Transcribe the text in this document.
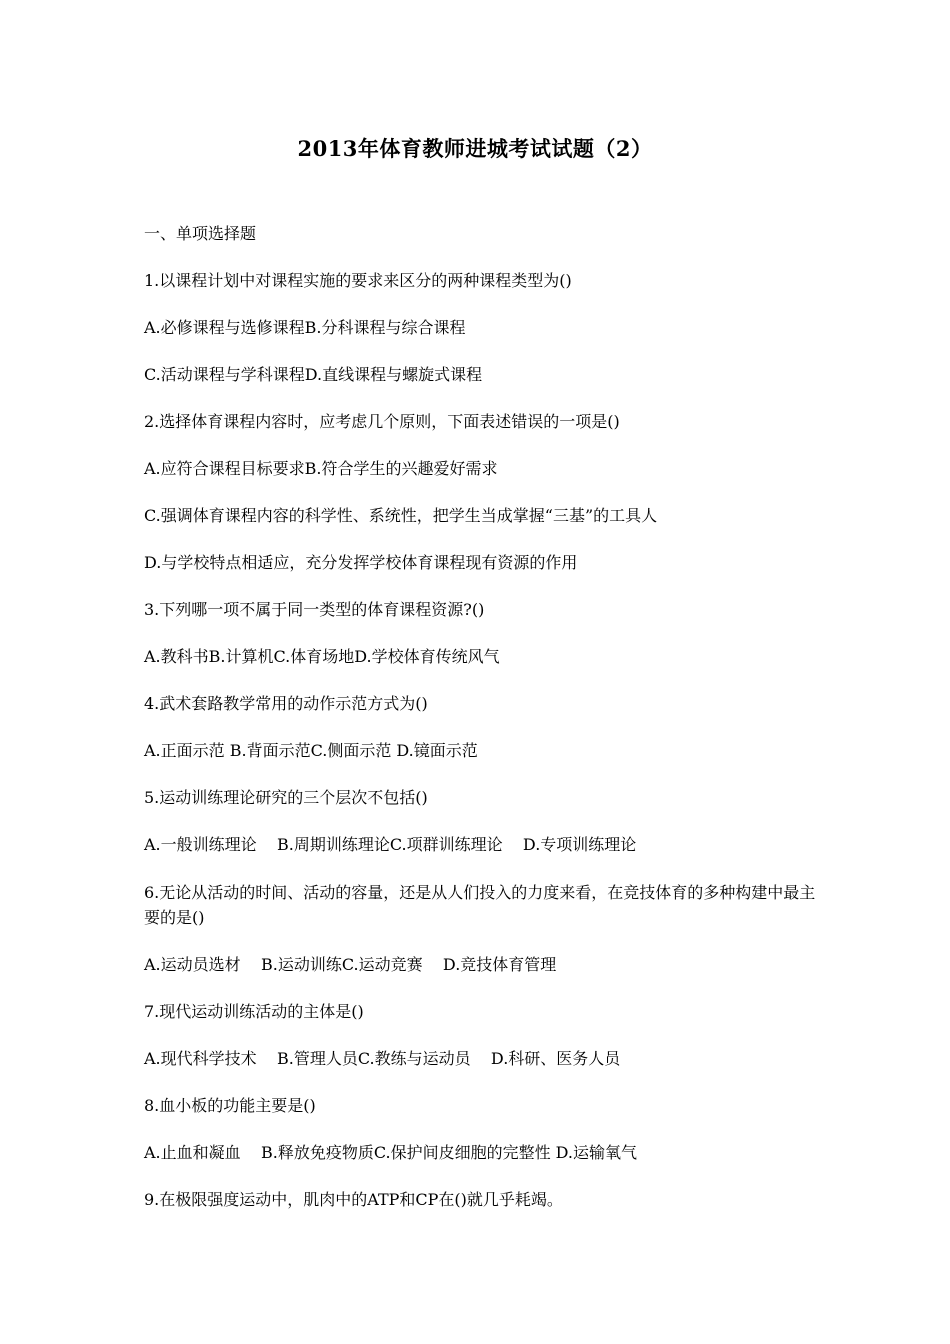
2013年体育教师进城考试试题（2）
一、单项选择题
1.以课程计划中对课程实施的要求来区分的两种课程类型为()
A.必修课程与选修课程B.分科课程与综合课程
C.活动课程与学科课程D.直线课程与螺旋式课程
2.选择体育课程内容时，应考虑几个原则，下面表述错误的一项是()
A.应符合课程目标要求B.符合学生的兴趣爱好需求
C.强调体育课程内容的科学性、系统性，把学生当成掌握“三基”的工具人
D.与学校特点相适应，充分发挥学校体育课程现有资源的作用
3.下列哪一项不属于同一类型的体育课程资源?()
A.教科书B.计算机C.体育场地D.学校体育传统风气
4.武术套路教学常用的动作示范方式为()
A.正面示范 B.背面示范C.侧面示范 D.镜面示范
5.运动训练理论研究的三个层次不包括()
A.一般训练理论    B.周期训练理论C.项群训练理论    D.专项训练理论
6.无论从活动的时间、活动的容量，还是从人们投入的力度来看，在竞技体育的多种构建中最主要的是()
A.运动员选材    B.运动训练C.运动竞赛    D.竞技体育管理
7.现代运动训练活动的主体是()
A.现代科学技术    B.管理人员C.教练与运动员    D.科研、医务人员
8.血小板的功能主要是()
A.止血和凝血    B.释放免疫物质C.保护间皮细胞的完整性 D.运输氧气
9.在极限强度运动中，肌肉中的ATP和CP在()就几乎耗竭。
